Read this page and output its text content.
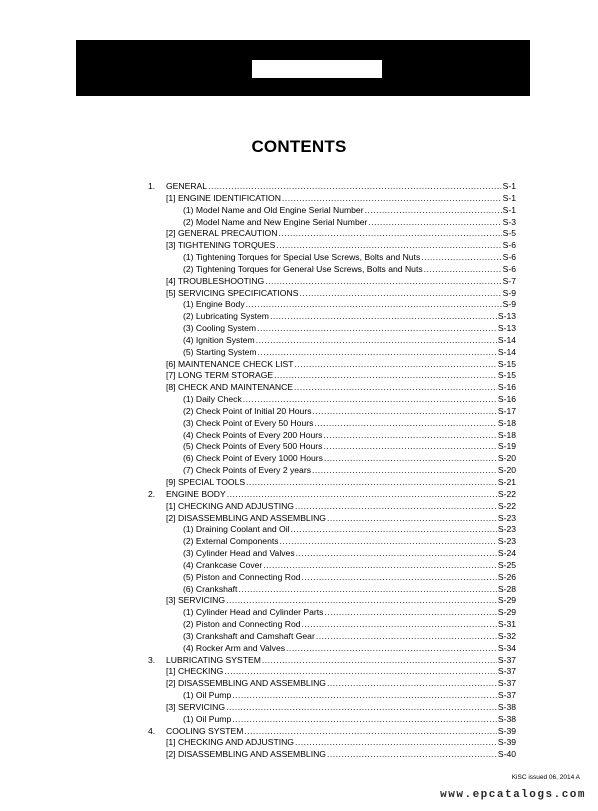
CONTENTS
1. GENERAL .....	S-1
[1] ENGINE IDENTIFICATION .....	S-1
(1) Model Name and Old Engine Serial Number .....	S-1
(2) Model Name and New Engine Serial Number .....	S-3
[2] GENERAL PRECAUTION .....	S-5
[3] TIGHTENING TORQUES .....	S-6
(1) Tightening Torques for Special Use Screws, Bolts and Nuts .....	S-6
(2) Tightening Torques for General Use Screws, Bolts and Nuts .....	S-6
[4] TROUBLESHOOTING .....	S-7
[5] SERVICING SPECIFICATIONS .....	S-9
(1) Engine Body .....	S-9
(2) Lubricating System .....	S-13
(3) Cooling System .....	S-13
(4) Ignition System .....	S-14
(5) Starting System .....	S-14
[6] MAINTENANCE CHECK LIST .....	S-15
[7] LONG TERM STORAGE .....	S-15
[8] CHECK AND MAINTENANCE .....	S-16
(1) Daily Check .....	S-16
(2) Check Point of Initial 20 Hours .....	S-17
(3) Check Point of Every 50 Hours .....	S-18
(4) Check Points of Every 200 Hours .....	S-18
(5) Check Points of Every 500 Hours .....	S-19
(6) Check Point of Every 1000 Hours .....	S-20
(7) Check Points of Every 2 years .....	S-20
[9] SPECIAL TOOLS .....	S-21
2. ENGINE BODY .....	S-22
[1] CHECKING AND ADJUSTING .....	S-22
[2] DISASSEMBLING AND ASSEMBLING .....	S-23
(1) Draining Coolant and Oil .....	S-23
(2) External Components .....	S-23
(3) Cylinder Head and Valves .....	S-24
(4) Crankcase Cover .....	S-25
(5) Piston and Connecting Rod .....	S-26
(6) Crankshaft .....	S-28
[3] SERVICING .....	S-29
(1) Cylinder Head and Cylinder Parts .....	S-29
(2) Piston and Connecting Rod .....	S-31
(3) Crankshaft and Camshaft Gear .....	S-32
(4) Rocker Arm and Valves .....	S-34
3. LUBRICATING SYSTEM .....	S-37
[1] CHECKING .....	S-37
[2] DISASSEMBLING AND ASSEMBLING .....	S-37
(1) Oil Pump .....	S-37
[3] SERVICING .....	S-38
(1) Oil Pump .....	S-38
4. COOLING SYSTEM .....	S-39
[1] CHECKING AND ADJUSTING .....	S-39
[2] DISASSEMBLING AND ASSEMBLING .....	S-40
KiSC issued 06, 2014 A
www.epcatalogs.com
